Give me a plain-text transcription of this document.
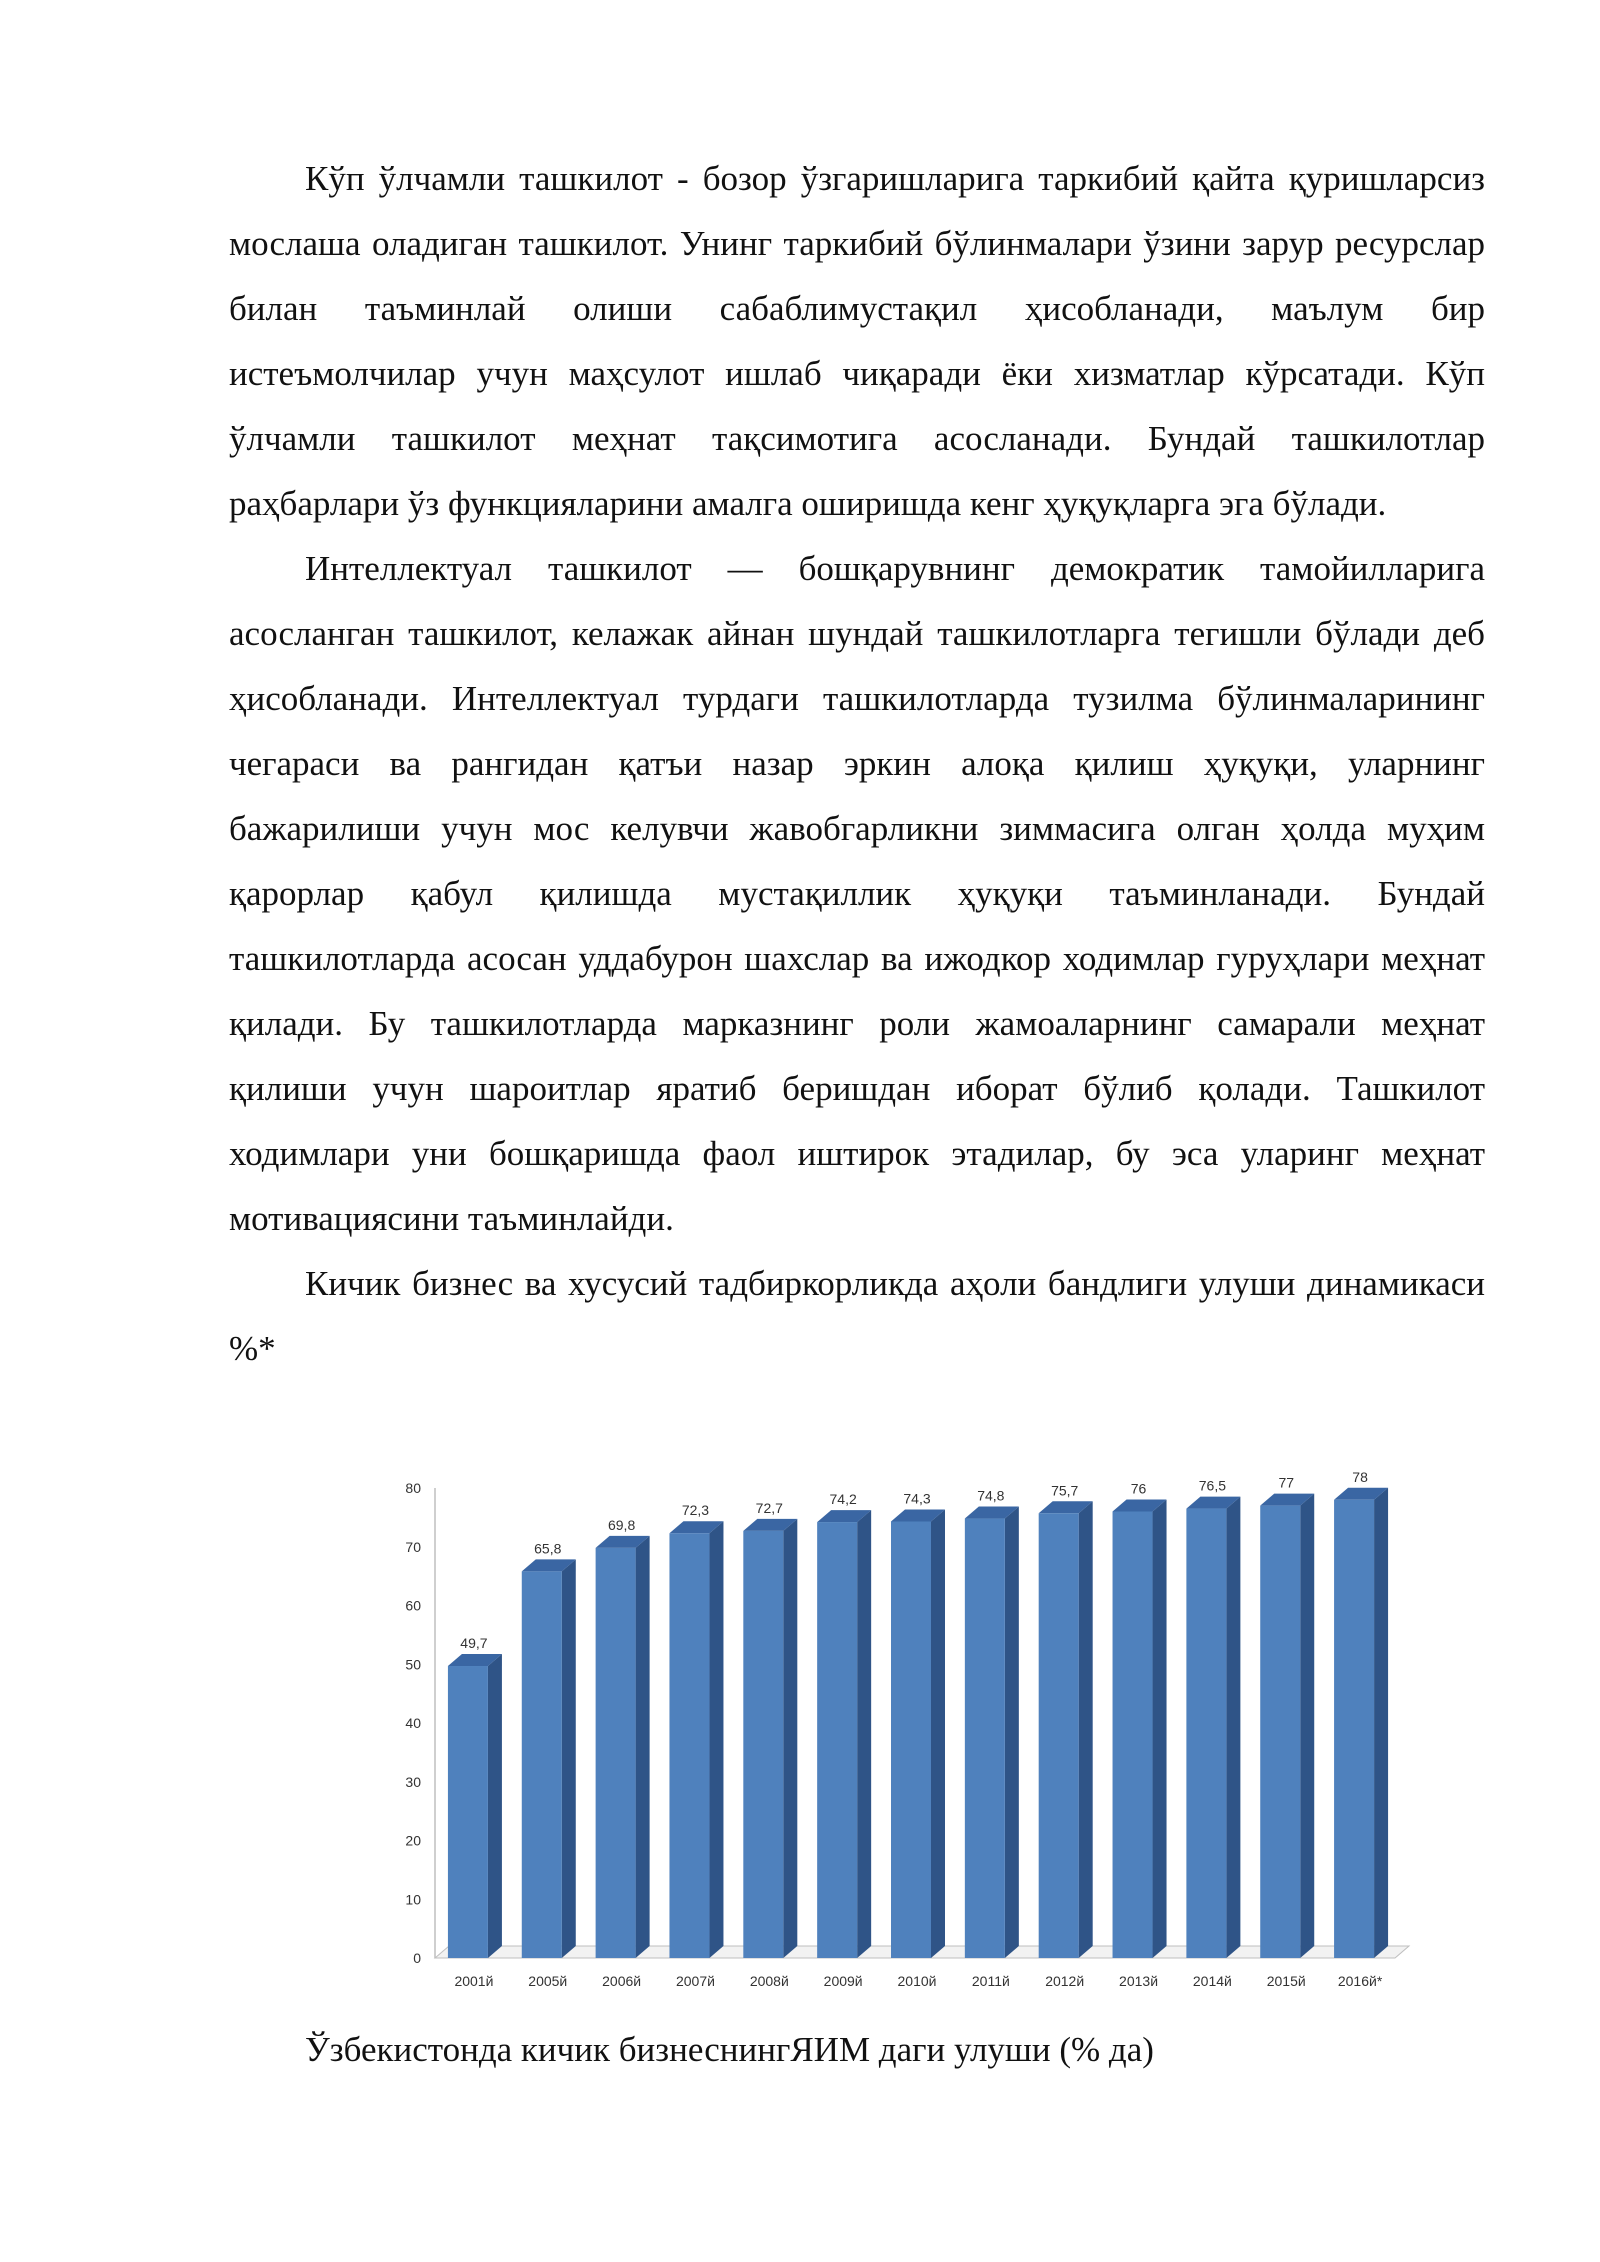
Кўп ўлчамли ташкилот - бозор ўзгаришларига таркибий қайта қуришларсиз мослаша оладиган ташкилот. Унинг таркибий бўлинмалари ўзини зарур ресурслар билан таъминлай олиши сабаблимустақил ҳисобланади, маълум бир истеъмолчилар учун маҳсулот ишлаб чиқаради ёки хизматлар кўрсатади. Кўп ўлчамли ташкилот меҳнат тақсимотига асосланади. Бундай ташкилотлар раҳбарлари ўз функцияларини амалга оширишда кенг ҳуқуқларга эга бўлади.

Интеллектуал ташкилот — бошқарувнинг демократик тамойилларига асосланган ташкилот, келажак айнан шундай ташкилотларга тегишли бўлади деб ҳисобланади. Интеллектуал турдаги ташкилотларда тузилма бўлинмаларининг чегараси ва рангидан қатъи назар эркин алоқа қилиш ҳуқуқи, уларнинг бажарилиши учун мос келувчи жавобгарликни зиммасига олган ҳолда муҳим қарорлар қабул қилишда мустақиллик ҳуқуқи таъминланади. Бундай ташкилотларда асосан уддабурон шахслар ва ижодкор ходимлар гуруҳлари меҳнат қилади. Бу ташкилотларда марказнинг роли жамоаларнинг самарали меҳнат қилиши учун шароитлар яратиб беришдан иборат бўлиб қолади. Ташкилот ходимлари уни бошқаришда фаол иштирок этадилар, бу эса уларинг меҳнат мотивациясини таъминлайди.

Кичик бизнес ва хусусий тадбиркорликда аҳоли бандлиги улуши динамикаси %*

0
10
20
30
40
50
60
70
80
49,7
2001й
65,8
2005й
69,8
2006й
72,3
2007й
72,7
2008й
74,2
2009й
74,3
2010й
74,8
2011й
75,7
2012й
76
2013й
76,5
2014й
77
2015й
78
2016й*
Ўзбекистонда кичик бизнеснингЯИМ даги улуши (% да)
